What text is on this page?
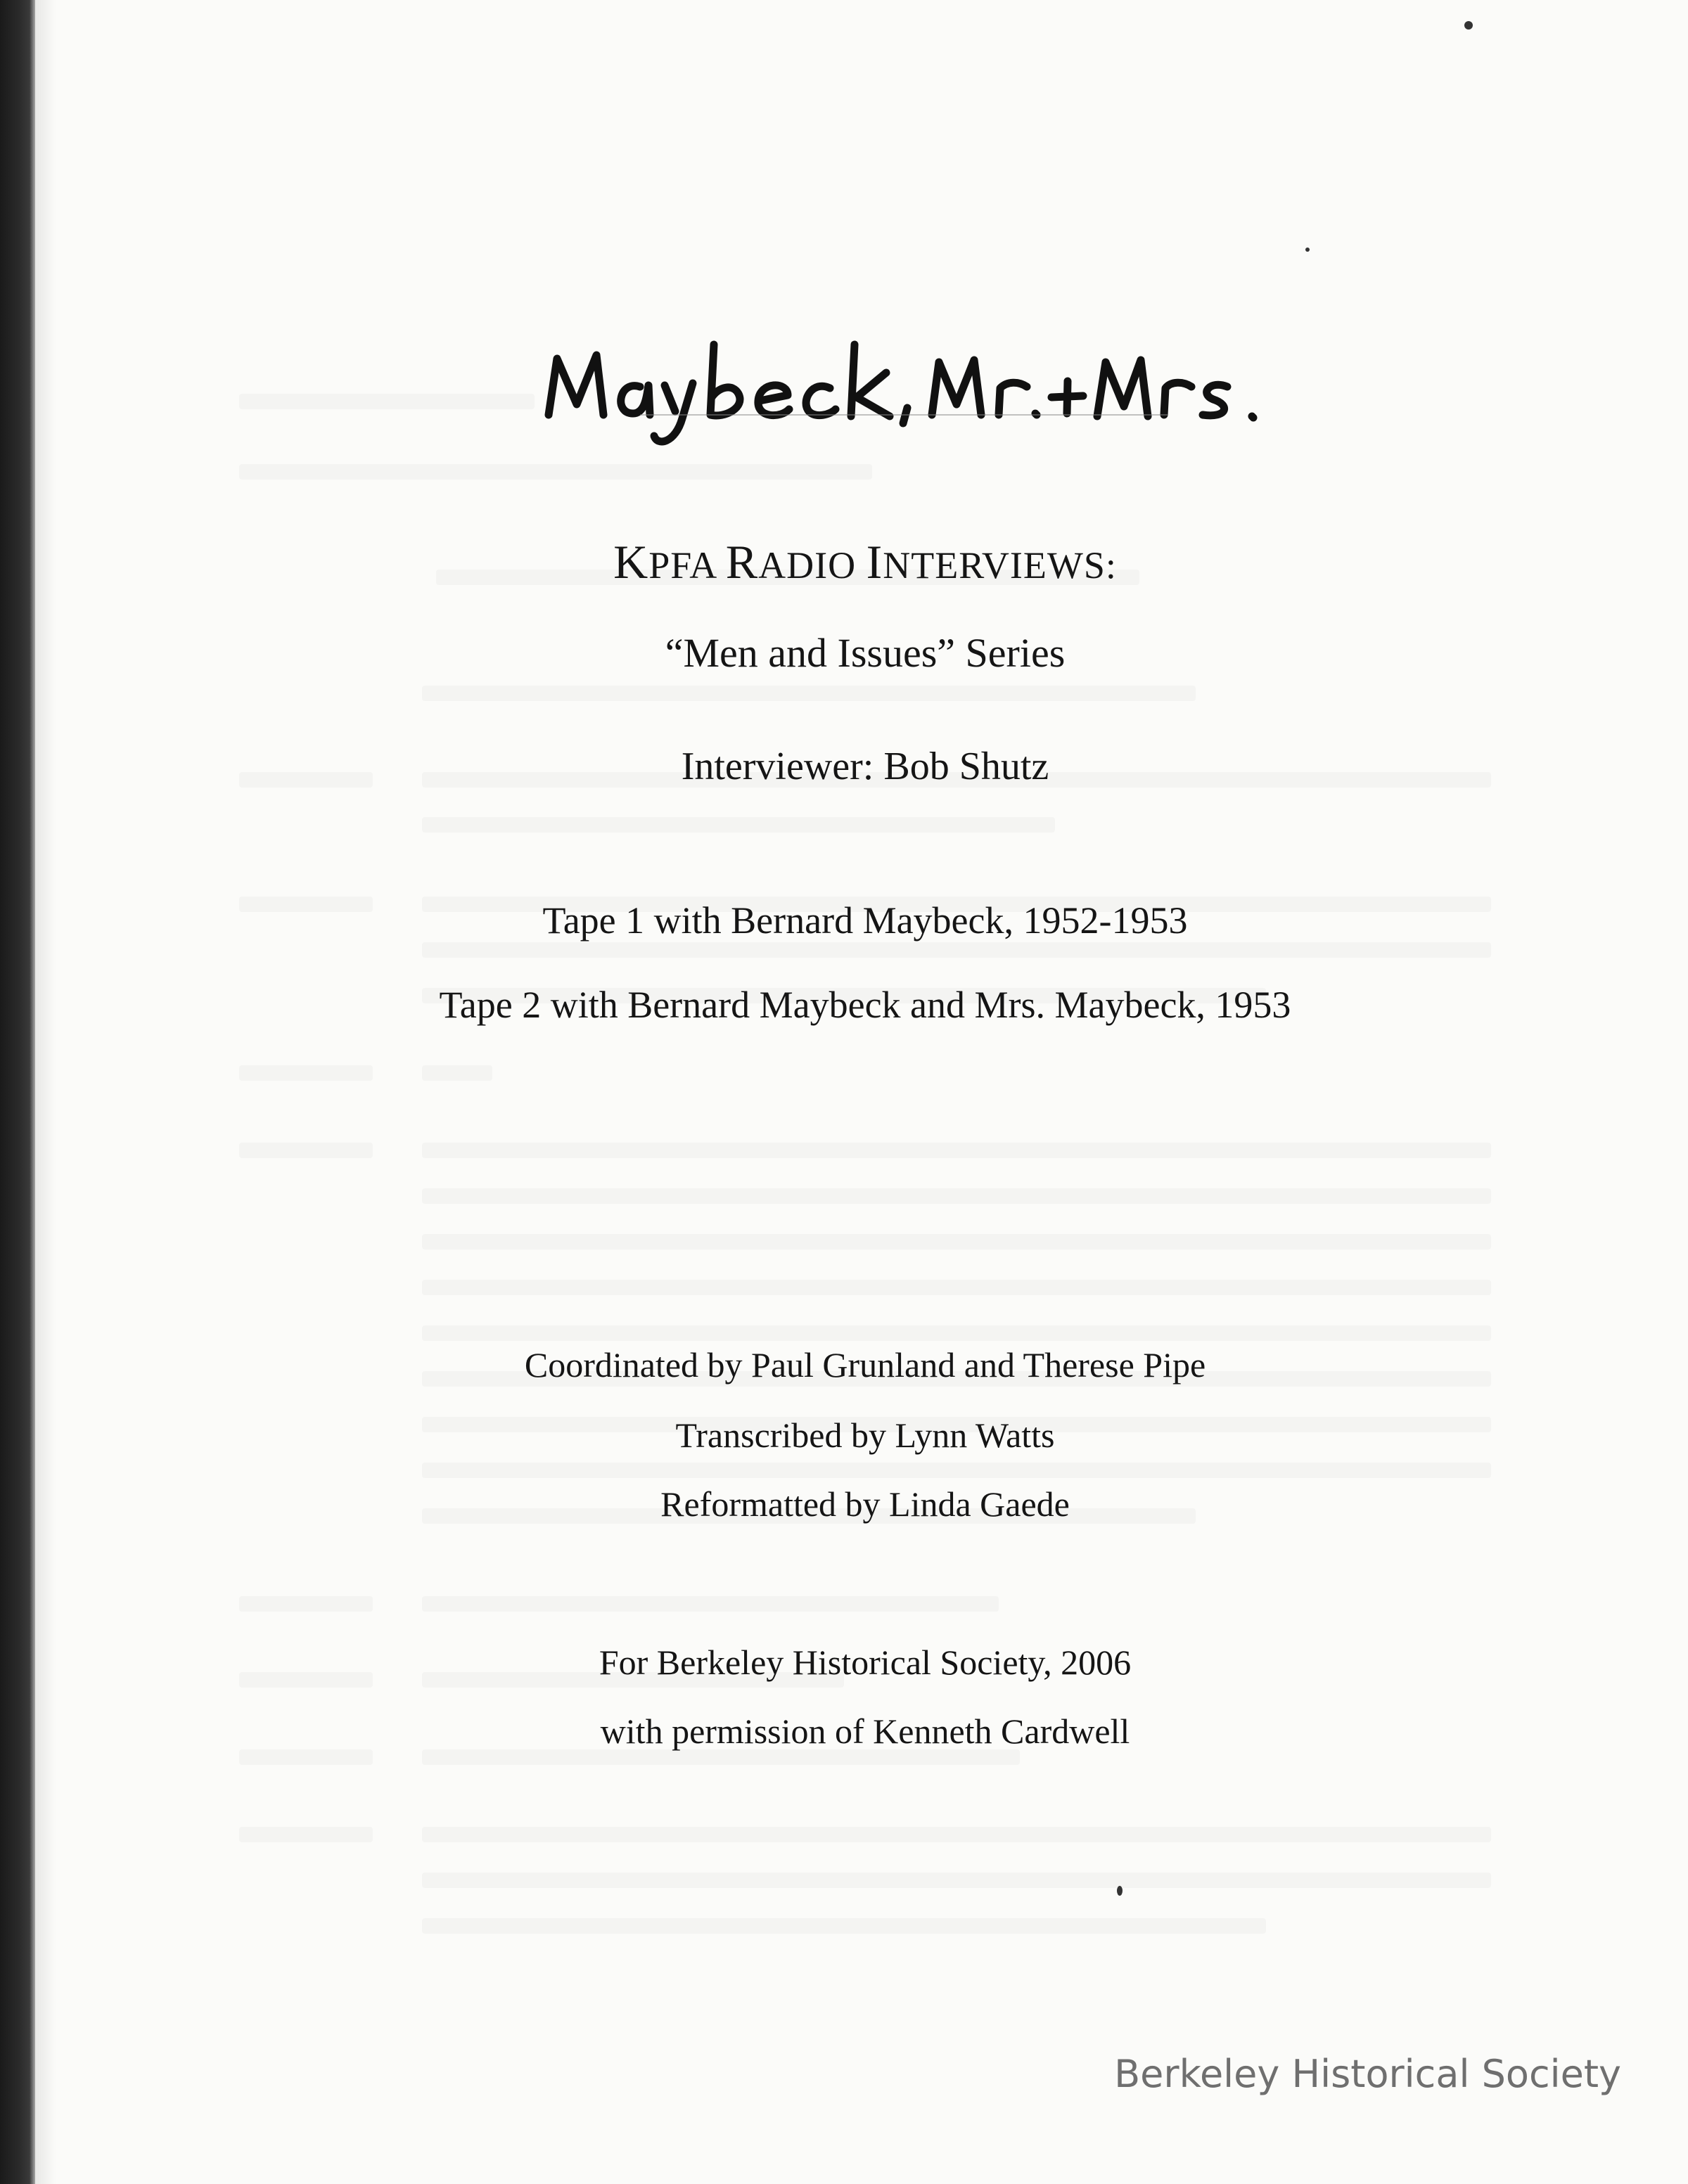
KPFA RADIO INTERVIEWS:
“Men and Issues” Series
Interviewer: Bob Shutz
Tape 1 with Bernard Maybeck, 1952-1953
Tape 2 with Bernard Maybeck and Mrs. Maybeck, 1953
Coordinated by Paul Grunland and Therese Pipe
Transcribed by Lynn Watts
Reformatted by Linda Gaede
For Berkeley Historical Society, 2006
with permission of Kenneth Cardwell
Berkeley Historical Society
